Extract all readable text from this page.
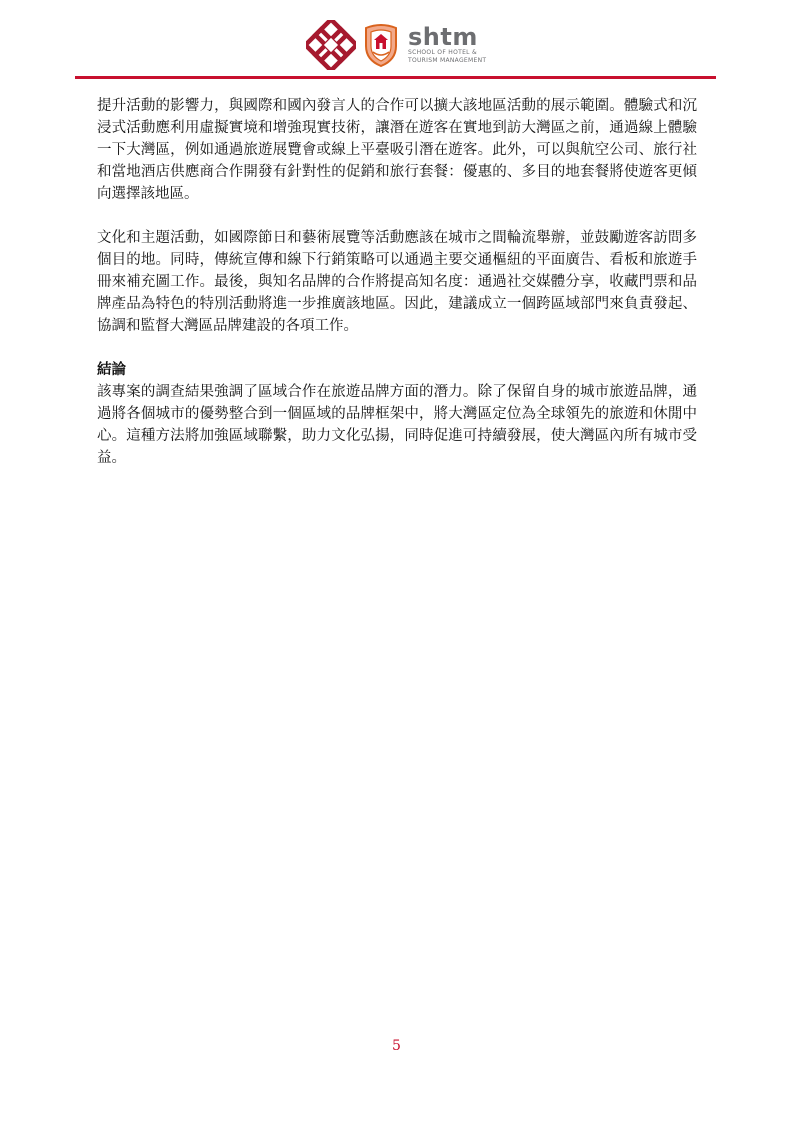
shtm
SCHOOL OF HOTEL &
TOURISM MANAGEMENT

提升活動的影響力，與國際和國內發言人的合作可以擴大該地區活動的展示範圍。體驗式和沉浸式活動應利用虛擬實境和增強現實技術，讓潛在遊客在實地到訪大灣區之前，通過線上體驗一下大灣區，例如通過旅遊展覽會或線上平臺吸引潛在遊客。此外，可以與航空公司、旅行社和當地酒店供應商合作開發有針對性的促銷和旅行套餐：優惠的、多目的地套餐將使遊客更傾向選擇該地區。

文化和主題活動，如國際節日和藝術展覽等活動應該在城市之間輪流舉辦，並鼓勵遊客訪問多個目的地。同時，傳統宣傳和線下行銷策略可以通過主要交通樞紐的平面廣告、看板和旅遊手冊來補充圖工作。最後，與知名品牌的合作將提高知名度：通過社交媒體分享，收藏門票和品牌產品為特色的特別活動將進一步推廣該地區。因此，建議成立一個跨區域部門來負責發起、協調和監督大灣區品牌建設的各項工作。

結論

該專案的調查結果強調了區域合作在旅遊品牌方面的潛力。除了保留自身的城市旅遊品牌，通過將各個城市的優勢整合到一個區域的品牌框架中，將大灣區定位為全球領先的旅遊和休閒中心。這種方法將加強區域聯繫，助力文化弘揚，同時促進可持續發展，使大灣區內所有城市受益。

5
